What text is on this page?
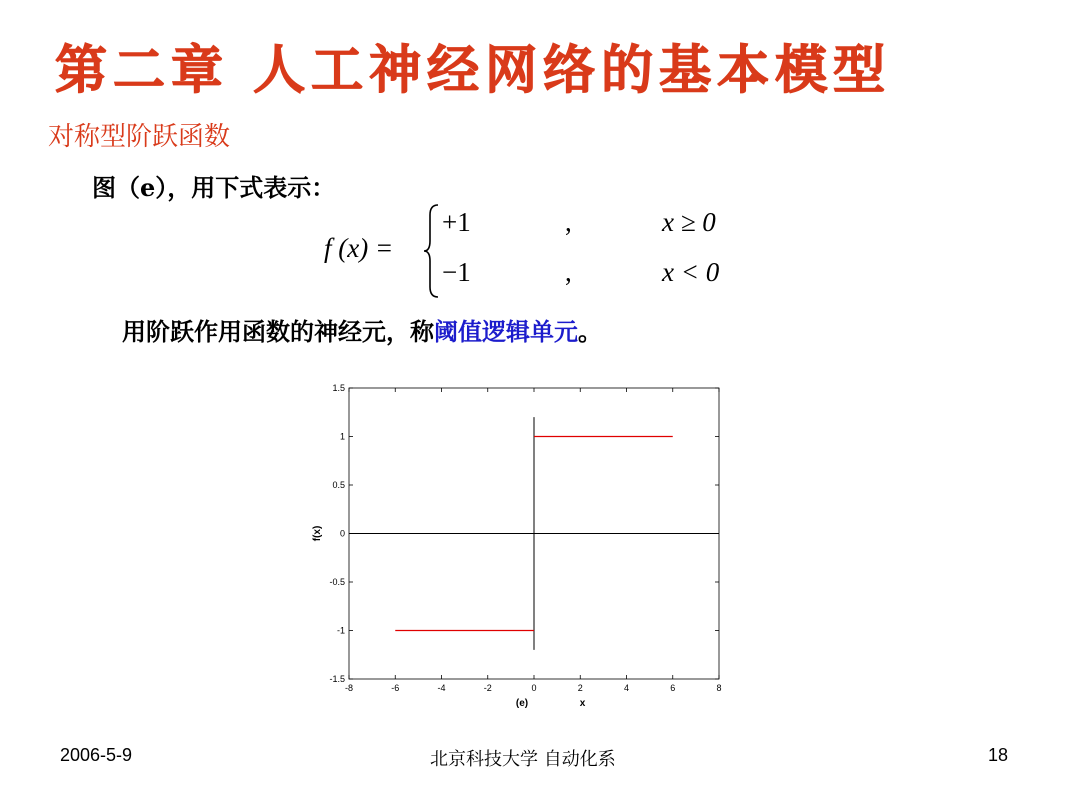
第二章 人工神经网络的基本模型
对称型阶跃函数
图（e），用下式表示：
f (x) =
+1	,	x ≥ 0
−1	,	x < 0
用阶跃作用函数的神经元，称阈值逻辑单元。
-8	-6	-4	-2	0	2	4	6	8
-1.5
-1
-0.5
0
0.5
1
1.5
(e)	x
f(x)
2006-5-9	北京科技大学 自动化系	18
